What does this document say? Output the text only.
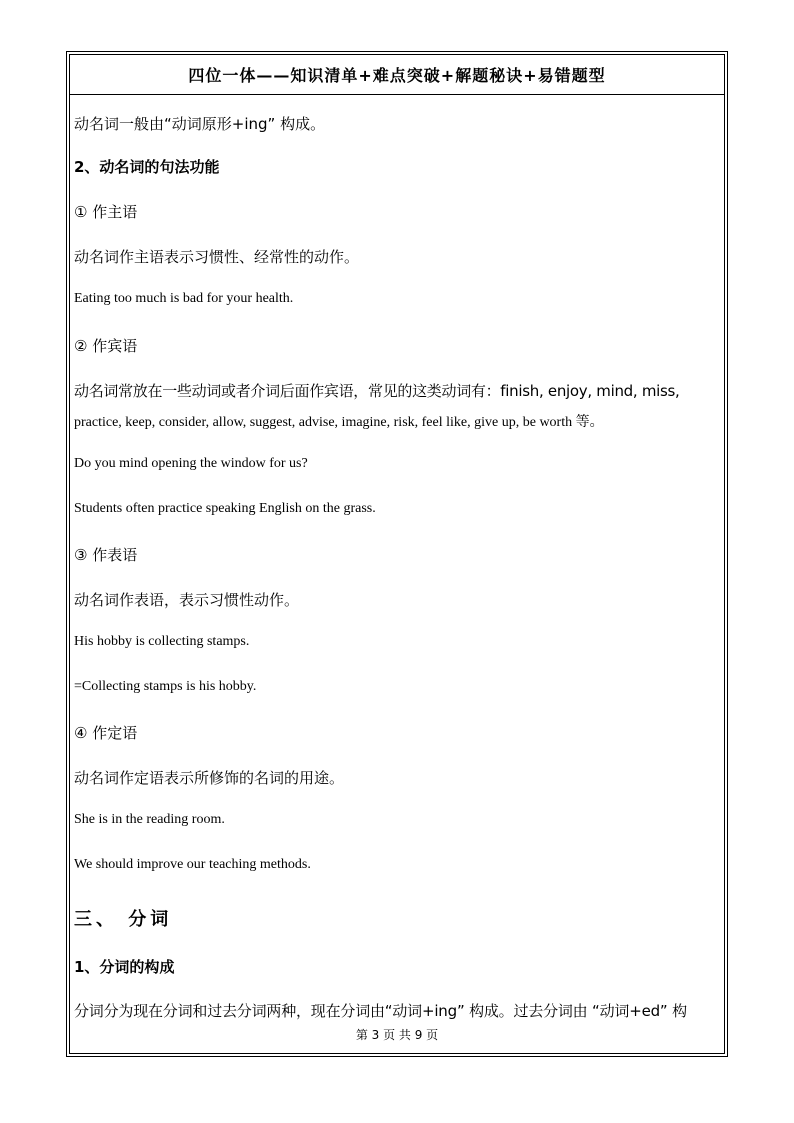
四位一体——知识清单+难点突破+解题秘诀+易错题型
动名词一般由“动词原形+ing” 构成。
2、动名词的句法功能
① 作主语
动名词作主语表示习惯性、经常性的动作。
Eating too much is bad for your health.
② 作宾语
动名词常放在一些动词或者介词后面作宾语，常见的这类动词有：finish, enjoy, mind, miss,
practice, keep, consider, allow, suggest, advise, imagine, risk, feel like, give up, be worth 等。
Do you mind opening the window for us?
Students often practice speaking English on the grass.
③ 作表语
动名词作表语，表示习惯性动作。
His hobby is collecting stamps.
=Collecting stamps is his hobby.
④ 作定语
动名词作定语表示所修饰的名词的用途。
She is in the reading room.
We should improve our teaching methods.
三、 分词
1、分词的构成
分词分为现在分词和过去分词两种，现在分词由“动词+ing” 构成。过去分词由 “动词+ed” 构
第 3 页 共 9 页
